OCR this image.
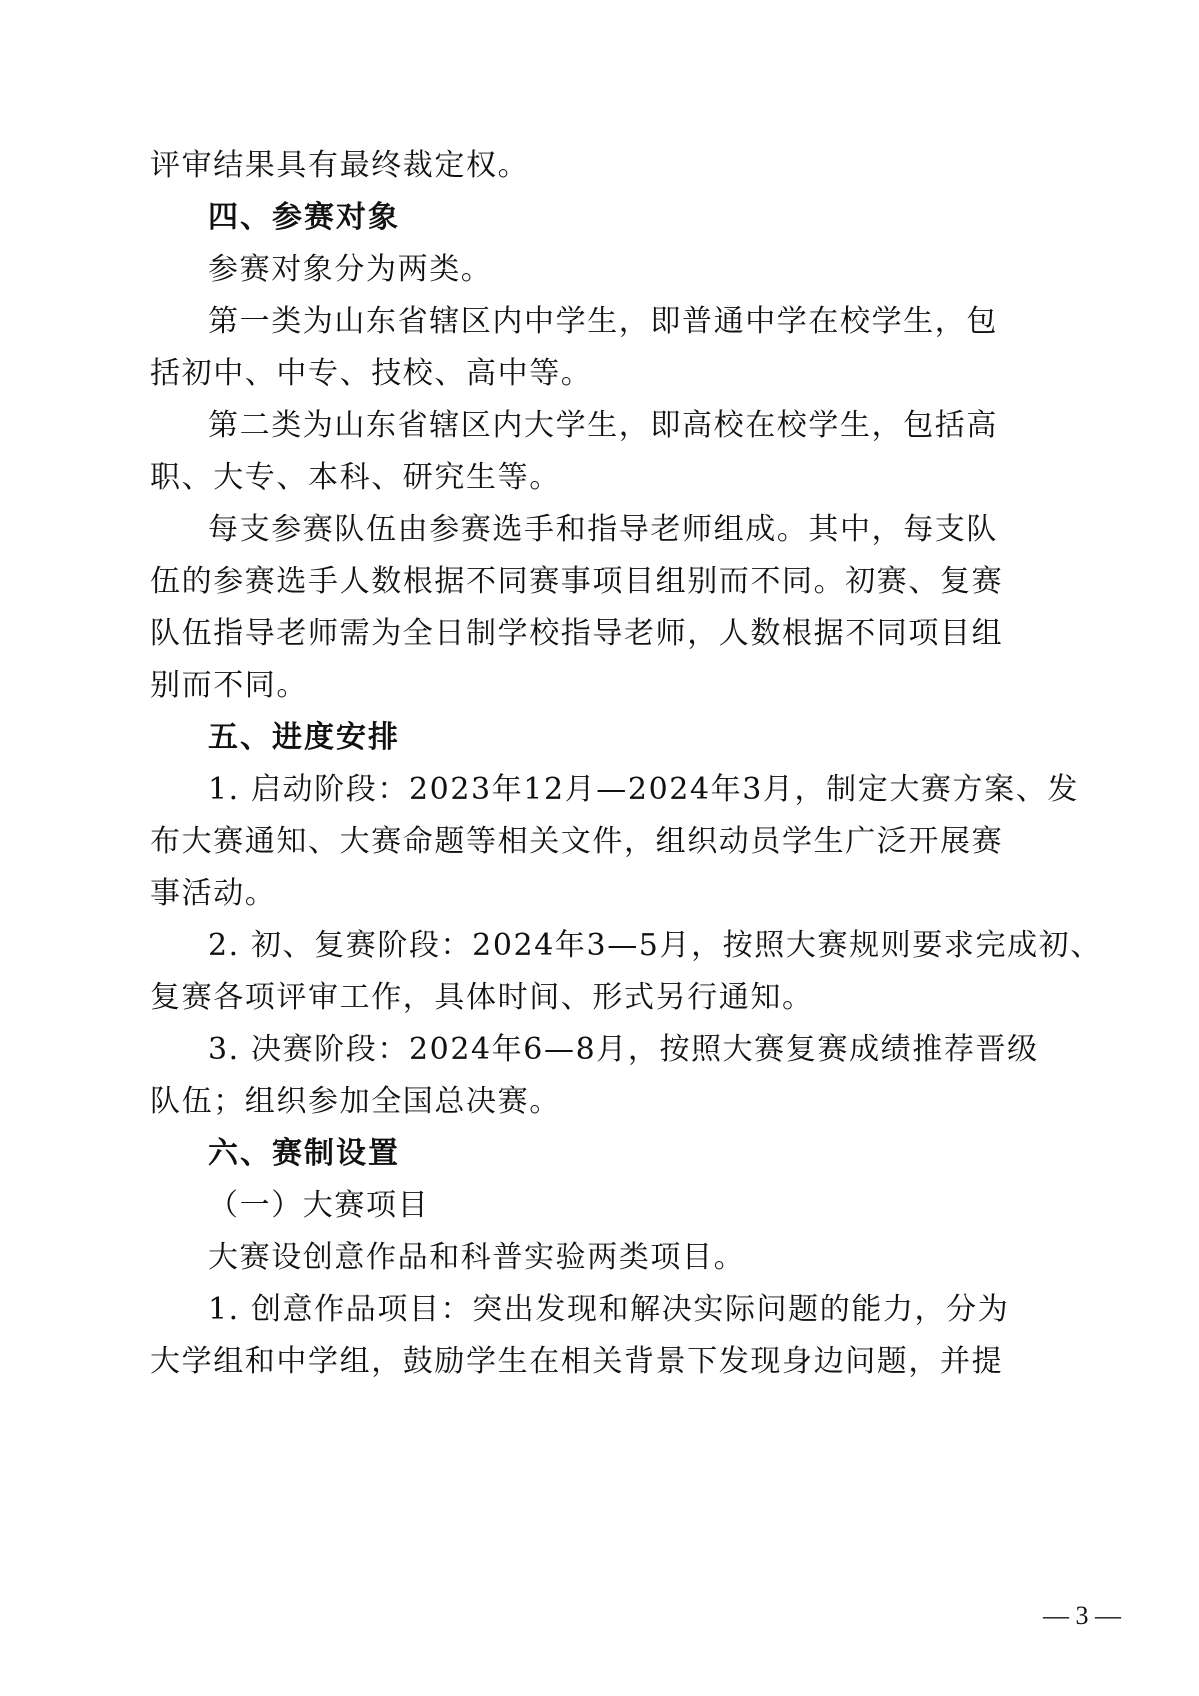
评审结果具有最终裁定权。
四、参赛对象
参赛对象分为两类。
第一类为山东省辖区内中学生，即普通中学在校学生，包
括初中、中专、技校、高中等。
第二类为山东省辖区内大学生，即高校在校学生，包括高
职、大专、本科、研究生等。
每支参赛队伍由参赛选手和指导老师组成。其中，每支队
伍的参赛选手人数根据不同赛事项目组别而不同。初赛、复赛
队伍指导老师需为全日制学校指导老师，人数根据不同项目组
别而不同。
五、进度安排
1. 启动阶段：2023年12月—2024年3月，制定大赛方案、发
布大赛通知、大赛命题等相关文件，组织动员学生广泛开展赛
事活动。
2. 初、复赛阶段：2024年3—5月，按照大赛规则要求完成初、
复赛各项评审工作，具体时间、形式另行通知。
3. 决赛阶段：2024年6—8月，按照大赛复赛成绩推荐晋级
队伍；组织参加全国总决赛。
六、赛制设置
（一）大赛项目
大赛设创意作品和科普实验两类项目。
1. 创意作品项目：突出发现和解决实际问题的能力，分为
大学组和中学组，鼓励学生在相关背景下发现身边问题，并提
— 3 —
